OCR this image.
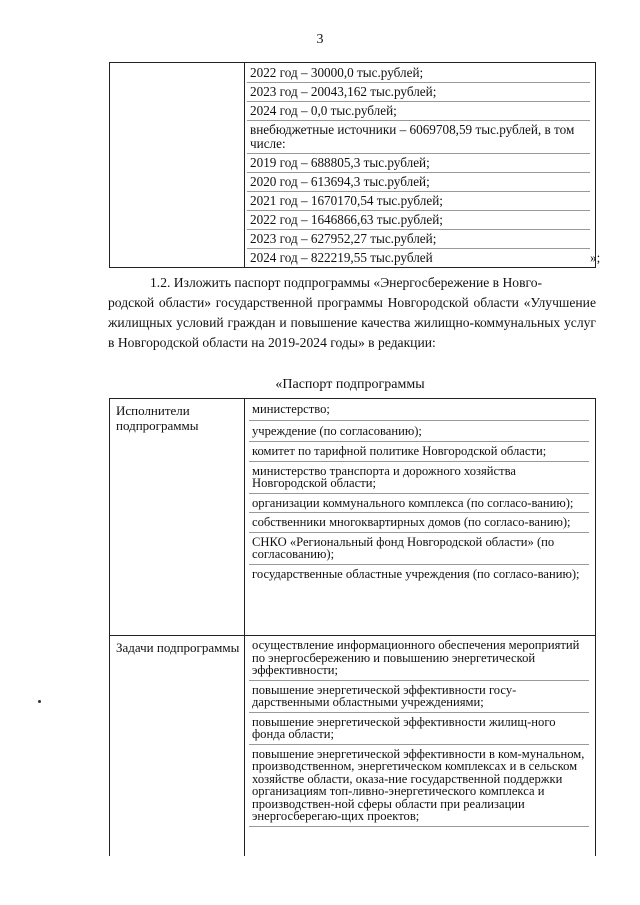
3
2022 год – 30000,0 тыс.рублей;
2023 год – 20043,162 тыс.рублей;
2024 год – 0,0 тыс.рублей;
внебюджетные источники – 6069708,59 тыс.рублей, в том числе:
2019 год – 688805,3 тыс.рублей;
2020 год – 613694,3 тыс.рублей;
2021 год – 1670170,54 тыс.рублей;
2022 год – 1646866,63 тыс.рублей;
2023 год – 627952,27 тыс.рублей;
2024 год – 822219,55 тыс.рублей	»;

1.2. Изложить паспорт подпрограммы «Энергосбережение в Новго-

родской области» государственной программы Новгородской области «Улучшение жилищных условий граждан и повышение качества жилищно-коммунальных услуг в Новгородской области на 2019-2024 годы» в редакции:

«Паспорт подпрограммы
Исполнители подпрограммы
министерство;
учреждение (по согласованию);
комитет по тарифной политике Новгородской области;
министерство транспорта и дорожного хозяйства Новгородской области;
организации коммунального комплекса (по согласо-ванию);
собственники многоквартирных домов (по согласо-ванию);
СНКО «Региональный фонд Новгородской области» (по согласованию);
государственные областные учреждения (по согласо-ванию);
Задачи подпрограммы осуществление информационного обеспечения мероприятий по энергосбережению и повышению энергетической эффективности;
повышение энергетической эффективности госу-дарственными областными учреждениями;
повышение энергетической эффективности жилищ-ного фонда области;
повышение энергетической эффективности в ком-мунальном, производственном, энергетическом комплексах и в сельском хозяйстве области, оказа-ние государственной поддержки организациям топ-ливно-энергетического комплекса и производствен-ной сферы области при реализации энергосберегаю-щих проектов;
